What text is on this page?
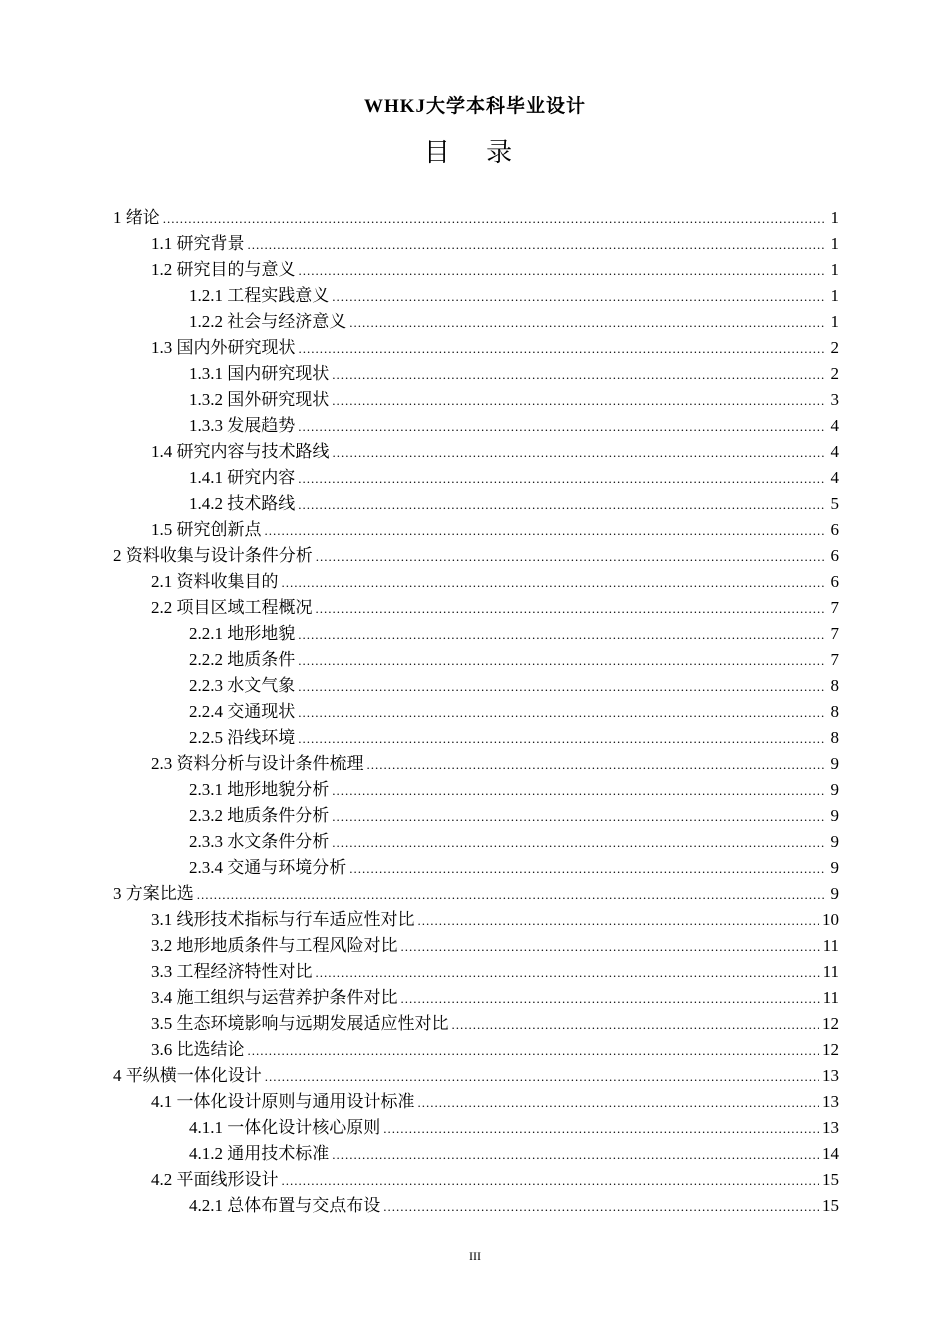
WHKJ大学本科毕业设计
目 录
1 绪论 .....	1
1.1 研究背景 .....	1
1.2 研究目的与意义 .....	1
1.2.1 工程实践意义 .....	1
1.2.2 社会与经济意义 .....	1
1.3 国内外研究现状 .....	2
1.3.1 国内研究现状 .....	2
1.3.2 国外研究现状 .....	3
1.3.3 发展趋势 .....	4
1.4 研究内容与技术路线 .....	4
1.4.1 研究内容 .....	4
1.4.2 技术路线 .....	5
1.5 研究创新点 .....	6
2 资料收集与设计条件分析 .....	6
2.1 资料收集目的 .....	6
2.2 项目区域工程概况 .....	7
2.2.1 地形地貌 .....	7
2.2.2 地质条件 .....	7
2.2.3 水文气象 .....	8
2.2.4 交通现状 .....	8
2.2.5 沿线环境 .....	8
2.3 资料分析与设计条件梳理 .....	9
2.3.1 地形地貌分析 .....	9
2.3.2 地质条件分析 .....	9
2.3.3 水文条件分析 .....	9
2.3.4 交通与环境分析 .....	9
3 方案比选 .....	9
3.1 线形技术指标与行车适应性对比 .....	10
3.2 地形地质条件与工程风险对比 .....	11
3.3 工程经济特性对比 .....	11
3.4 施工组织与运营养护条件对比 .....	11
3.5 生态环境影响与远期发展适应性对比 .....	12
3.6 比选结论 .....	12
4 平纵横一体化设计 .....	13
4.1 一体化设计原则与通用设计标准 .....	13
4.1.1 一体化设计核心原则 .....	13
4.1.2 通用技术标准 .....	14
4.2 平面线形设计 .....	15
4.2.1 总体布置与交点布设 .....	15
III
